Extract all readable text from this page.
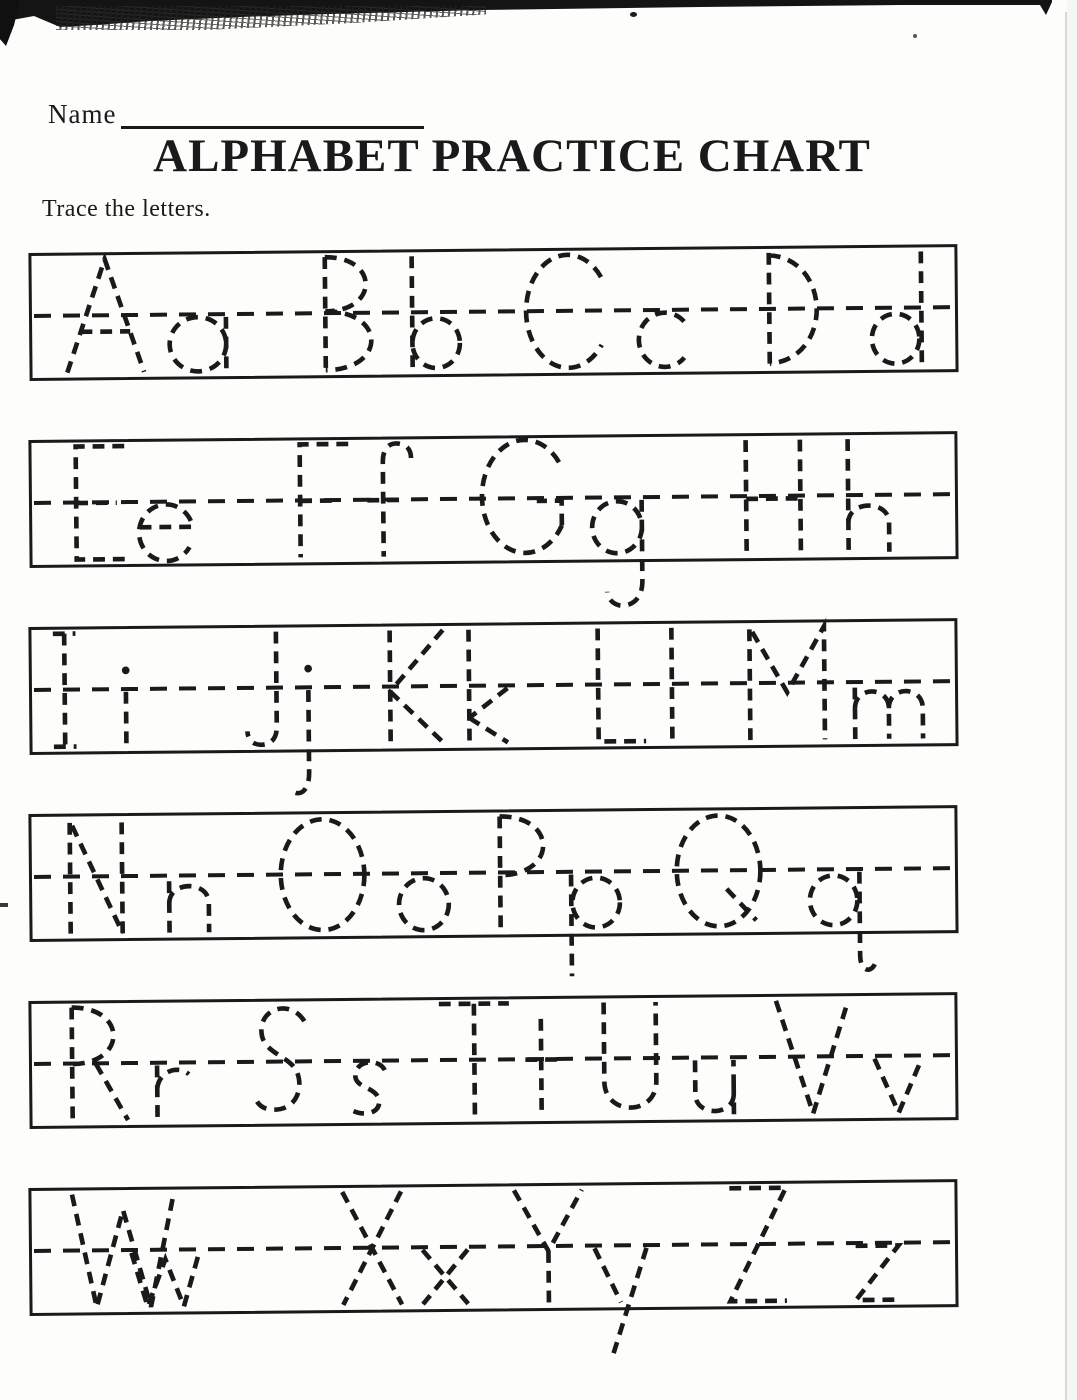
Name
ALPHABET PRACTICE CHART
Trace the letters.
